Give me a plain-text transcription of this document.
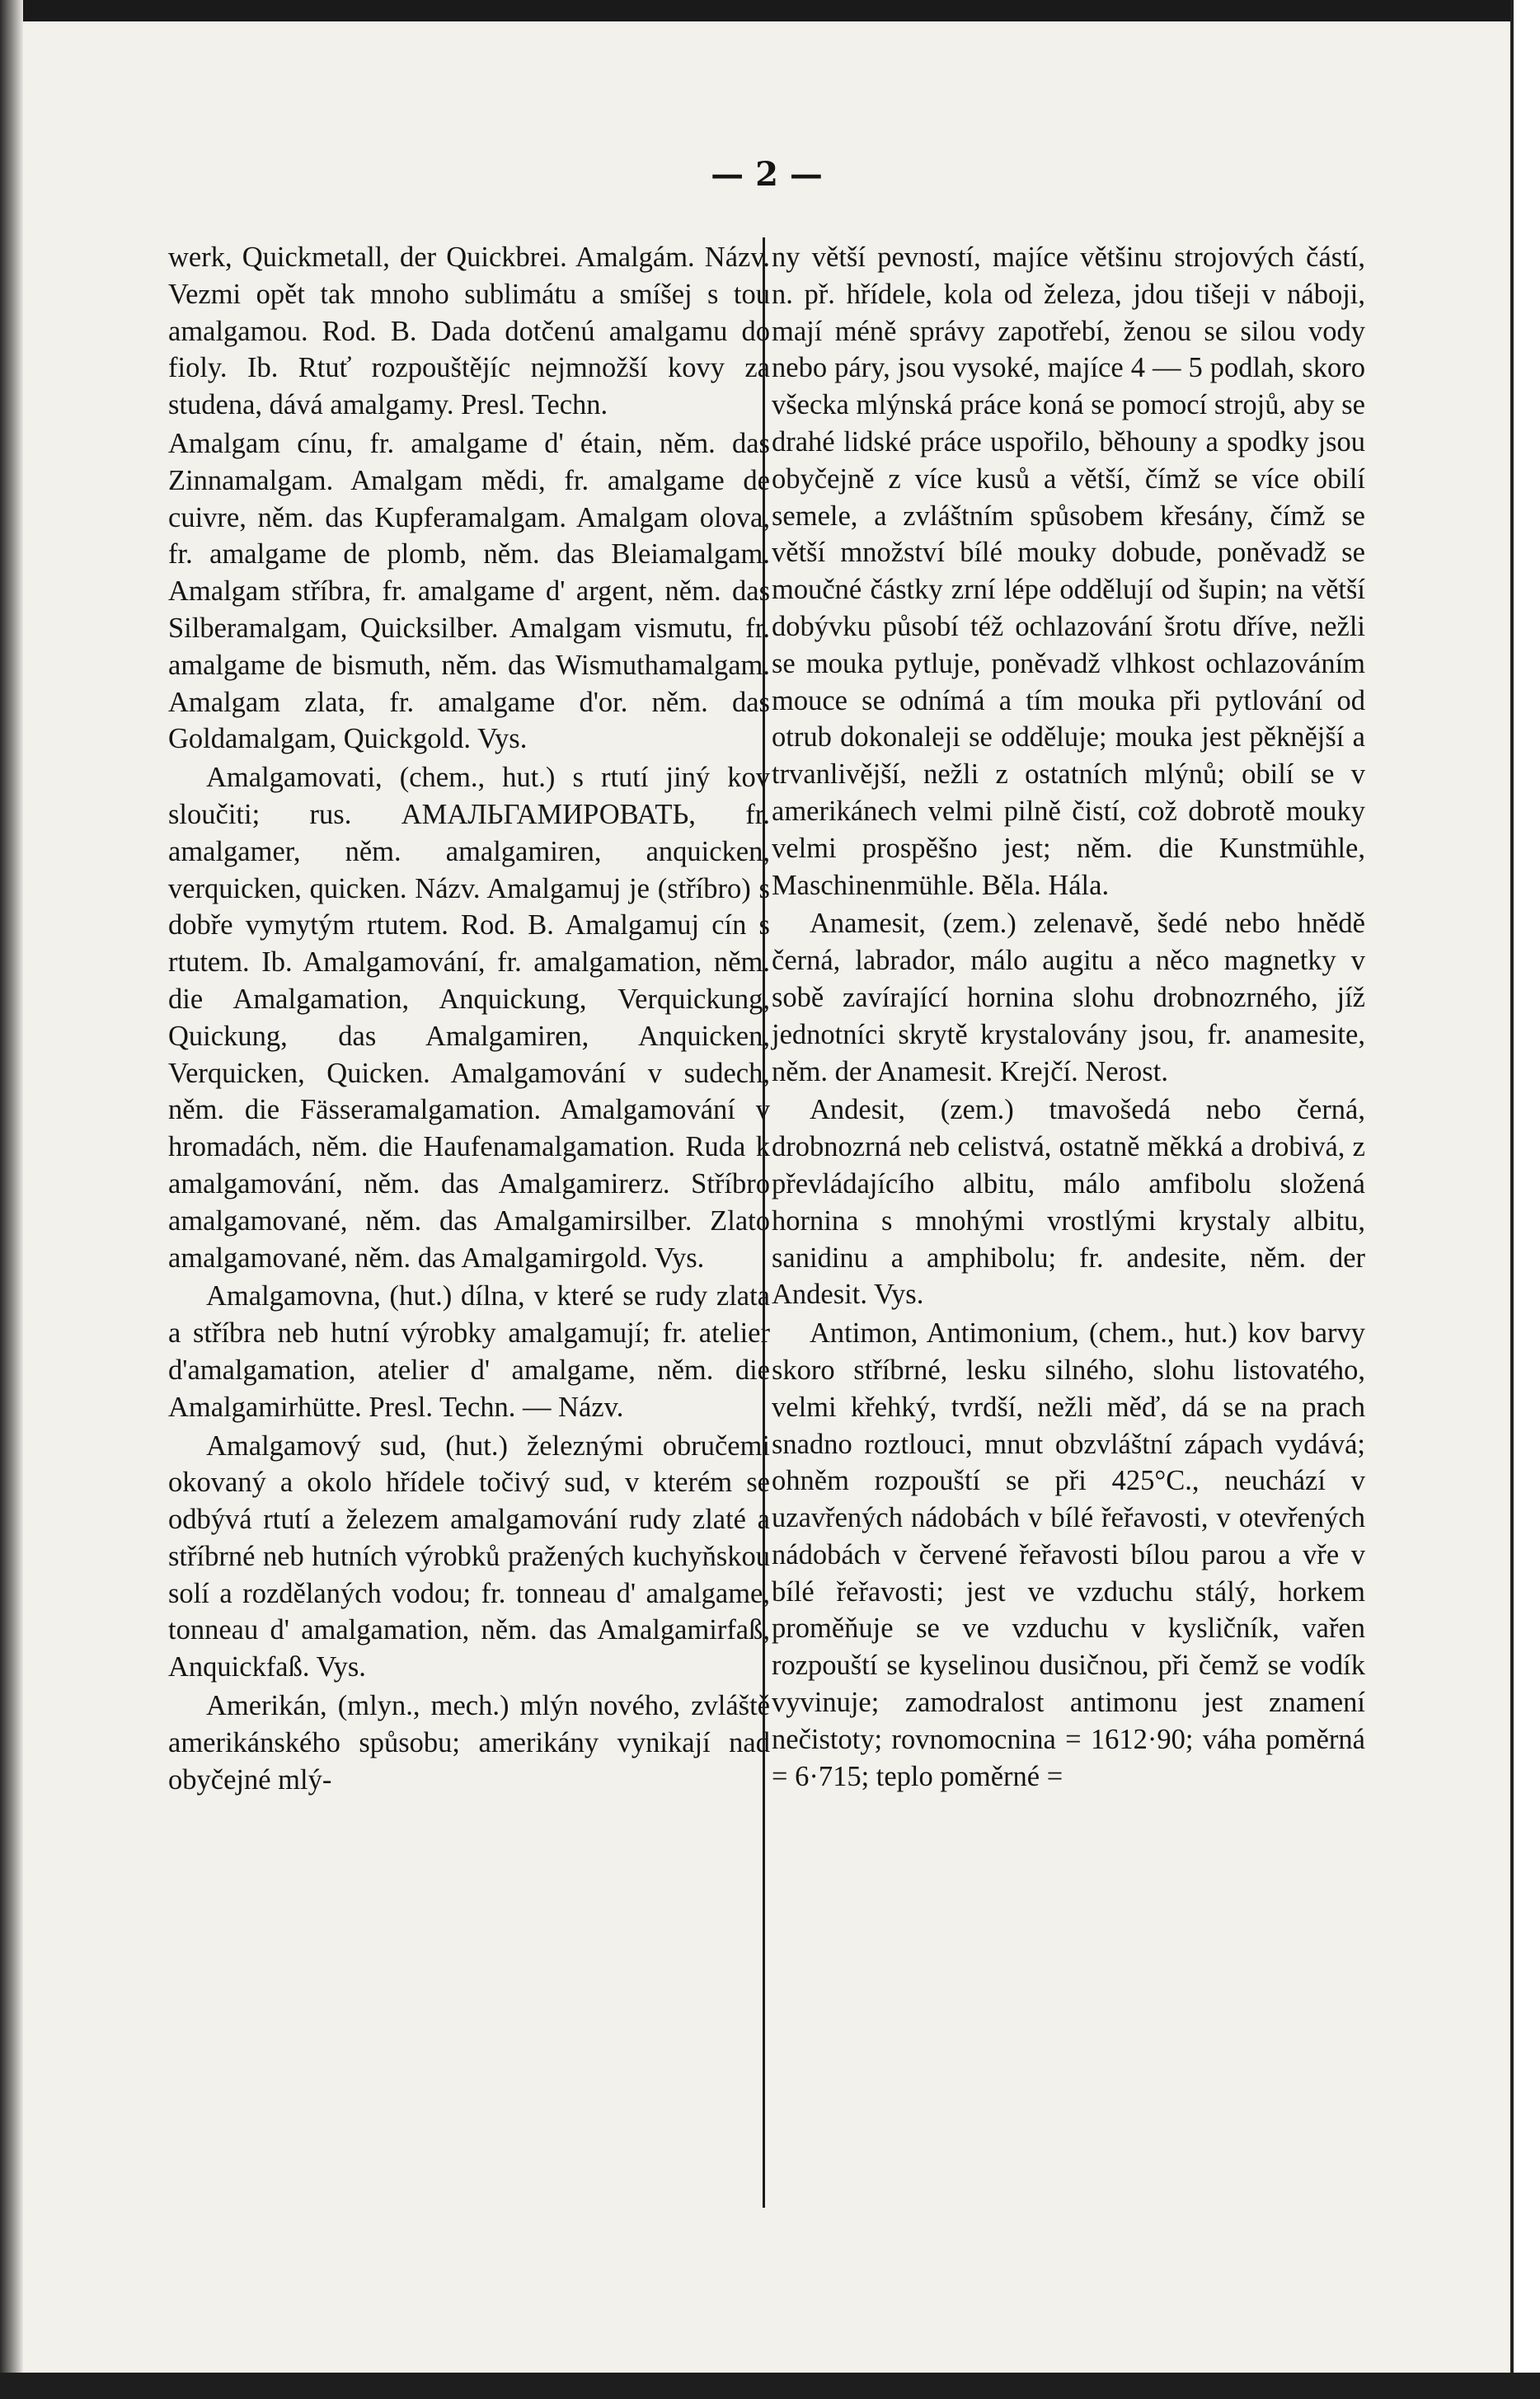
— 2 —

werk, Quickmetall, der Quickbrei. Amalgám. Názv. Vezmi opět tak mnoho sublimátu a smíšej s tou amalgamou. Rod. B. Dada dotčenú amalgamu do fioly. Ib. Rtuť rozpouštějíc nejmnožší kovy za studena, dává amalgamy. Presl. Techn.

Amalgam cínu, fr. amalgame d' étain, něm. das Zinnamalgam. Amalgam mědi, fr. amalgame de cuivre, něm. das Kupferamalgam. Amalgam olova, fr. amalgame de plomb, něm. das Bleiamalgam. Amalgam stříbra, fr. amalgame d' argent, něm. das Silberamalgam, Quicksilber. Amalgam vismutu, fr. amalgame de bismuth, něm. das Wismuthamalgam. Amalgam zlata, fr. amalgame d'or. něm. das Goldamalgam, Quickgold. Vys.

Amalgamovati, (chem., hut.) s rtutí jiný kov sloučiti; rus. АМАЛЬГАМИРОВАТЬ, fr. amalgamer, něm. amalgamiren, anquicken, verquicken, quicken. Názv. Amalgamuj je (stříbro) s dobře vymytým rtutem. Rod. B. Amalgamuj cín s rtutem. Ib. Amalgamování, fr. amalgamation, něm. die Amalgamation, Anquickung, Verquickung, Quickung, das Amalgamiren, Anquicken, Verquicken, Quicken. Amalgamování v sudech, něm. die Fässeramalgamation. Amalgamování v hromadách, něm. die Haufenamalgamation. Ruda k amalgamování, něm. das Amalgamirerz. Stříbro amalgamované, něm. das Amalgamirsilber. Zlato amalgamované, něm. das Amalgamirgold. Vys.

Amalgamovna, (hut.) dílna, v které se rudy zlata a stříbra neb hutní výrobky amalgamují; fr. atelier d'amalgamation, atelier d' amalgame, něm. die Amalgamirhütte. Presl. Techn. — Názv.

Amalgamový sud, (hut.) železnými obručemi okovaný a okolo hřídele točivý sud, v kterém se odbývá rtutí a železem amalgamování rudy zlaté a stříbrné neb hutních výrobků pražených kuchyňskou solí a rozdělaných vodou; fr. tonneau d' amalgame, tonneau d' amalgamation, něm. das Amalgamirfaß, Anquickfaß. Vys.

Amerikán, (mlyn., mech.) mlýn nového, zvláště amerikánského spůsobu; amerikány vynikají nad obyčejné mlý-

ny větší pevností, majíce většinu strojových částí, n. př. hřídele, kola od železa, jdou tišeji v náboji, mají méně správy zapotřebí, ženou se silou vody nebo páry, jsou vysoké, majíce 4 — 5 podlah, skoro všecka mlýnská práce koná se pomocí strojů, aby se drahé lidské práce uspořilo, běhouny a spodky jsou obyčejně z více kusů a větší, čímž se více obilí semele, a zvláštním spůsobem křesány, čímž se větší množství bílé mouky dobude, poněvadž se moučné částky zrní lépe oddělují od šupin; na větší dobývku působí též ochlazování šrotu dříve, nežli se mouka pytluje, poněvadž vlhkost ochlazováním mouce se odnímá a tím mouka při pytlování od otrub dokonaleji se odděluje; mouka jest pěknější a trvanlivější, nežli z ostatních mlýnů; obilí se v amerikánech velmi pilně čistí, což dobrotě mouky velmi prospěšno jest; něm. die Kunstmühle, Maschinenmühle. Běla. Hála.

Anamesit, (zem.) zelenavě, šedé nebo hnědě černá, labrador, málo augitu a něco magnetky v sobě zavírající hornina slohu drobnozrného, jíž jednotníci skrytě krystalovány jsou, fr. anamesite, něm. der Anamesit. Krejčí. Nerost.

Andesit, (zem.) tmavošedá nebo černá, drobnozrná neb celistvá, ostatně měkká a drobivá, z převládajícího albitu, málo amfibolu složená hornina s mnohými vrostlými krystaly albitu, sanidinu a amphibolu; fr. andesite, něm. der Andesit. Vys.

Antimon, Antimonium, (chem., hut.) kov barvy skoro stříbrné, lesku silného, slohu listovatého, velmi křehký, tvrdší, nežli měď, dá se na prach snadno roztlouci, mnut obzvláštní zápach vydává; ohněm rozpouští se při 425°C., neuchází v uzavřených nádobách v bílé řeřavosti, v otevřených nádobách v červené řeřavosti bílou parou a vře v bílé řeřavosti; jest ve vzduchu stálý, horkem proměňuje se ve vzduchu v kysličník, vařen rozpouští se kyselinou dusičnou, při čemž se vodík vyvinuje; zamodralost antimonu jest znamení nečistoty; rovnomocnina = 1612·90; váha poměrná = 6·715; teplo poměrné =
